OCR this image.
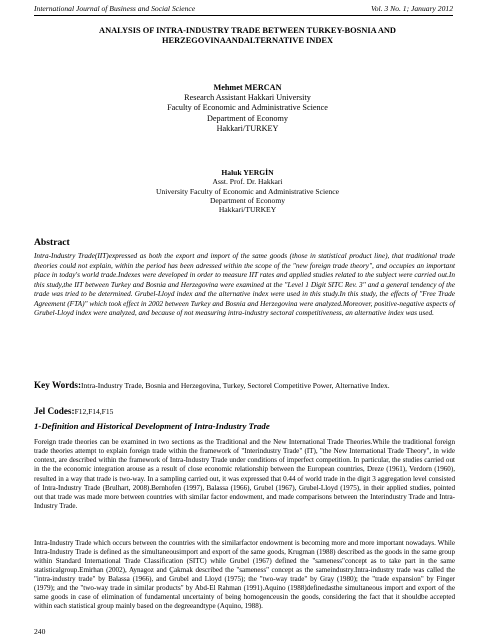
International Journal of Business and Social Science	Vol. 3 No. 1; January 2012
ANALYSIS OF INTRA-INDUSTRY TRADE BETWEEN TURKEY-BOSNIA AND
HERZEGOVINAANDALTERNATIVE INDEX
Mehmet MERCAN
Research Assistant Hakkari University
Faculty of Economic and Administrative Science
Department of Economy
Hakkari/TURKEY
Haluk YERGİN
Asst. Prof. Dr. Hakkari
University Faculty of Economic and Administrative Science
Department of Economy
Hakkari/TURKEY
Abstract
Intra-Industry Trade(IIT)expressed as both the export and import of the same goods (those in statistical product line), that traditional trade theories could not explain, within the period has been adressed within the scope of the "new foreign trade theory", and occupies an important place in today's world trade.Indexes were developed in order to measure IIT rates and applied studies related to the subject were carried out.In this study,the IIT between Turkey and Bosnia and Herzegovina were examined at the "Level 1 Digit SITC Rev. 3" and a general tendency of the trade was tried to be determined. Grubel-Lloyd index and the alternative index were used in this study.In this study, the effects of "Free Trade Agreement (FTA)" which took effect in 2002 between Turkey and Bosnia and Herzegovina were analyzed.Moreover, positive-negative aspects of Grubel-Lloyd index were analyzed, and because of not measuring intra-industry sectoral competitiveness, an alternative index was used.
Key Words:Intra-Industry Trade, Bosnia and Herzegovina, Turkey, Sectorel Competitive Power, Alternative Index.
Jel Codes:F12,F14,F15
1-Definition and Historical Development of Intra-Industry Trade
Foreign trade theories can be examined in two sections as the Traditional and the New International Trade Theories.While the traditional foreign trade theories attempt to explain foreign trade within the framework of "Interindustry Trade" (IT), "the New International Trade Theory", in wide context, are described within the framework of Intra-Industry Trade under conditions of imperfect competition. In particular, the studies carried out in the the economic integration arouse as a result of close economic relationship between the European countries, Dreze (1961), Verdorn (1960), resulted in a way that trade is two-way. In a sampling carried out, it was expressed that 0.44 of world trade in the digit 3 aggregation level consisted of Intra-Industry Trade (Brulhart, 2008).Bernhofen (1997), Balassa (1966), Grubel (1967), Grubel-Lloyd (1975), in their applied studies, pointed out that trade was made more between countries with similar factor endowment, and made comparisons between the Interindustry Trade and Intra-Industry Trade.
Intra-Industry Trade which occurs between the countries with the similarfactor endowment is becoming more and more important nowadays. While Intra-Industry Trade is defined as the simultaneousimport and export of the same goods, Krugman (1988) described as the goods in the same group within Standard International Trade Classification (SITC) while Grubel (1967) defined the "sameness"concept as to take part in the same statisticalgroup.Emirhan (2002), Aynagoz and Çakmak described the "sameness" concept as the sameindustry.Intra-industry trade was called the "intra-industry trade" by Balassa (1966), and Grubel and Lloyd (1975); the "two-way trade" by Gray (1980); the "trade expansion" by Finger (1979); and the "two-way trade in similar products" by Abd-El Rahman (1991).Aquino (1988)definedasthe simultaneous import and export of the same goods in case of elimination of fundamental uncertainty of being homogenceusin the goods, considering the fact that it shouldbe accepted within each statistical group mainly based on the degreeandtype (Aquino, 1988).
240
